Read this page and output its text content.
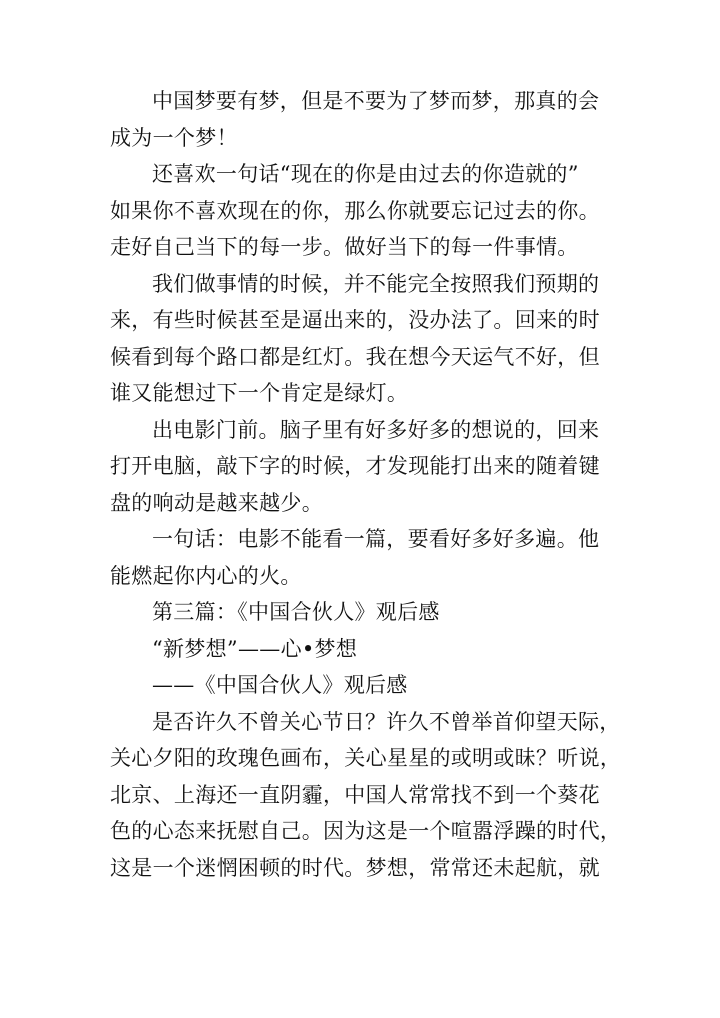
中国梦要有梦，但是不要为了梦而梦，那真的会
成为一个梦！
还喜欢一句话“现在的你是由过去的你造就的”
如果你不喜欢现在的你，那么你就要忘记过去的你。
走好自己当下的每一步。做好当下的每一件事情。
我们做事情的时候，并不能完全按照我们预期的
来，有些时候甚至是逼出来的，没办法了。回来的时
候看到每个路口都是红灯。我在想今天运气不好，但
谁又能想过下一个肯定是绿灯。
出电影门前。脑子里有好多好多的想说的，回来
打开电脑，敲下字的时候，才发现能打出来的随着键
盘的响动是越来越少。
一句话：电影不能看一篇，要看好多好多遍。他
能燃起你内心的火。
第三篇：《中国合伙人》观后感
“新梦想”——心•梦想
——《中国合伙人》观后感
是否许久不曾关心节日？许久不曾举首仰望天际，
关心夕阳的玫瑰色画布，关心星星的或明或昧？听说，
北京、上海还一直阴霾，中国人常常找不到一个葵花
色的心态来抚慰自己。因为这是一个喧嚣浮躁的时代，
这是一个迷惘困顿的时代。梦想，常常还未起航，就
